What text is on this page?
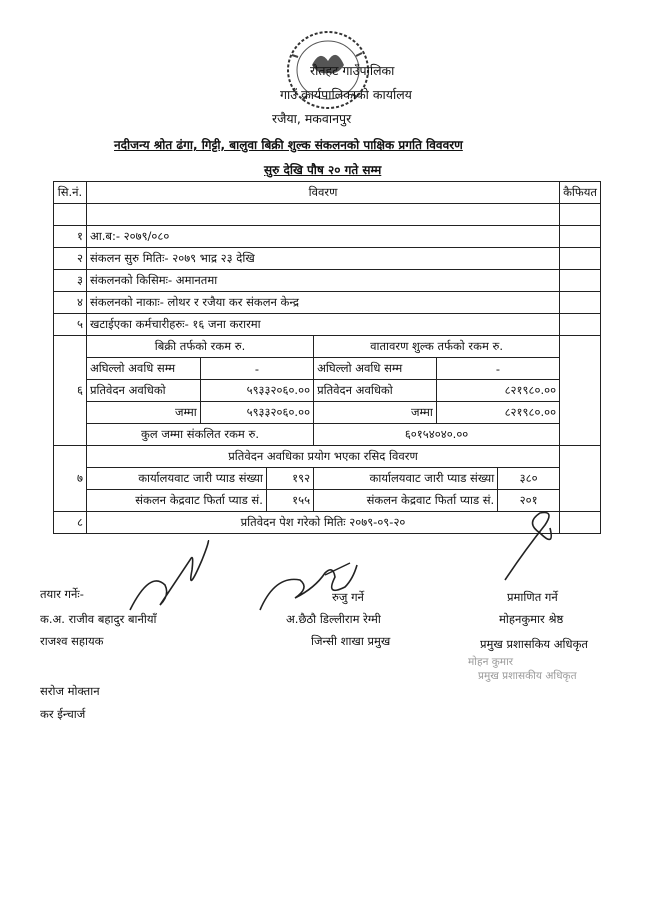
रौतहट गाउँपालिका
गाउँ कार्यपालिकाको कार्यालय
रजैया, मकवानपुर
नदीजन्य श्रोत ढंगा, गिट्टी, बालुवा बिक्री शुल्क संकलनको पाक्षिक प्रगति विववरण
सुरु देखि पौष २० गते सम्म
सि.नं.	विवरण	कैफियत

१	आ.ब:- २०७९/०८०	
२	संकलन सुरु मितिः- २०७९ भाद्र २३ देखि	
३	संकलनको किसिमः- अमानतमा	
४	संकलनको नाकाः- लोथर र रजैया कर संकलन केन्द्र	
५	खटाईएका कर्मचारीहरुः- १६ जना करारमा	
६	
बिक्री तर्फको रकम रु.	वातावरण शुल्क तर्फको रकम रु.
अघिल्लो अवधि सम्म	-	अघिल्लो अवधि सम्म	-
प्रतिवेदन अवधिको	५९३३२०६०.००	प्रतिवेदन अवधिको	८२१९८०.००
जम्मा	५९३३२०६०.००	जम्मा	८२१९८०.००
कुल जम्मा संकलित रकम रु.	६०१५४०४०.००

७	
प्रतिवेदन अवधिका प्रयोग भएका रसिद विवरण
कार्यालयवाट जारी प्याड संख्या	१९२	कार्यालयवाट जारी प्याड संख्या	३८०
संकलन केद्रवाट फिर्ता प्याड सं.	१५५	संकलन केद्रवाट फिर्ता प्याड सं.	२०१

८	प्रतिवेदन पेश गरेको मितिः २०७९-०९-२०	
तयार गर्नेः-
क.अ. राजीव बहादुर बानीयाँ
राजश्व सहायक
रुजु गर्ने
अ.छैठौ डिल्लीराम रेग्मी
जिन्सी शाखा प्रमुख
प्रमाणित गर्ने
मोहनकुमार श्रेष्ठ
प्रमुख प्रशासकिय अधिकृत
मोहन कुमार
प्रमुख प्रशासकीय अधिकृत
सरोज मोक्तान
कर ईन्चार्ज
